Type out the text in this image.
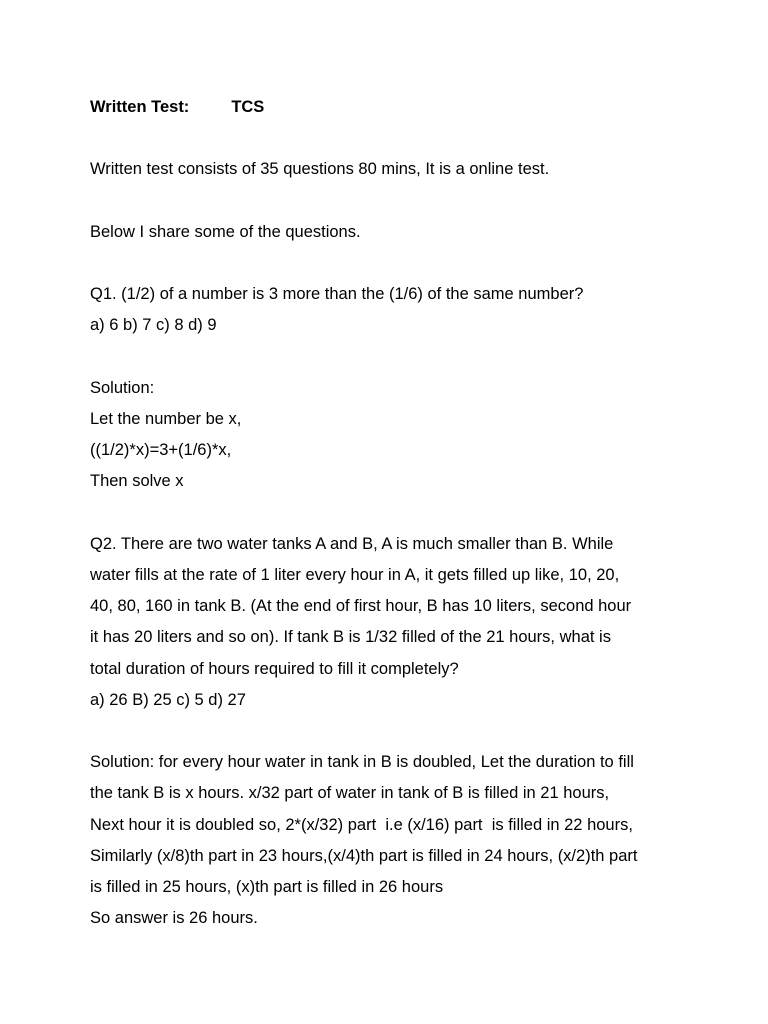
Written Test:	TCS

Written test consists of 35 questions 80 mins, It is a online test.

Below I share some of the questions.

Q1. (1/2) of a number is 3 more than the (1/6) of the same number?

a) 6 b) 7 c) 8 d) 9

Solution:

Let the number be x,

((1/2)*x)=3+(1/6)*x,

Then solve x

Q2. There are two water tanks A and B, A is much smaller than B. While

water fills at the rate of 1 liter every hour in A, it gets filled up like, 10, 20,

40, 80, 160 in tank B. (At the end of first hour, B has 10 liters, second hour

it has 20 liters and so on). If tank B is 1/32 filled of the 21 hours, what is

total duration of hours required to fill it completely?

a) 26 B) 25 c) 5 d) 27

Solution: for every hour water in tank in B is doubled, Let the duration to fill

the tank B is x hours. x/32 part of water in tank of B is filled in 21 hours,

Next hour it is doubled so, 2*(x/32) part  i.e (x/16) part  is filled in 22 hours,

Similarly (x/8)th part in 23 hours,(x/4)th part is filled in 24 hours, (x/2)th part

is filled in 25 hours, (x)th part is filled in 26 hours

So answer is 26 hours.
